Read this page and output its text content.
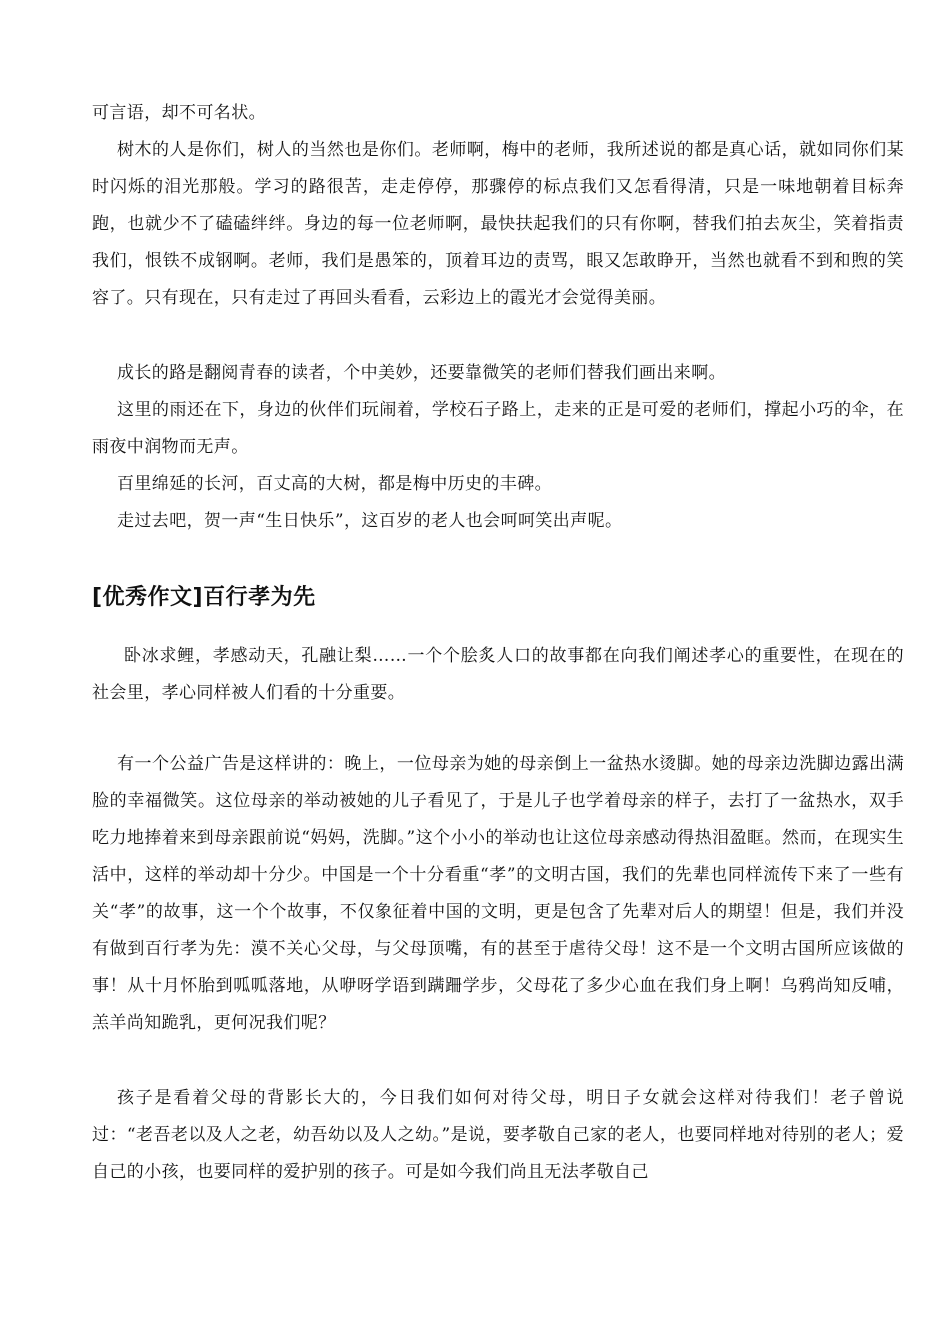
可言语，却不可名状。

树木的人是你们，树人的当然也是你们。老师啊，梅中的老师，我所述说的都是真心话，就如同你们某时闪烁的泪光那般。学习的路很苦，走走停停，那骤停的标点我们又怎看得清，只是一味地朝着目标奔跑，也就少不了磕磕绊绊。身边的每一位老师啊，最快扶起我们的只有你啊，替我们拍去灰尘，笑着指责我们，恨铁不成钢啊。老师，我们是愚笨的，顶着耳边的责骂，眼又怎敢睁开，当然也就看不到和煦的笑容了。只有现在，只有走过了再回头看看，云彩边上的霞光才会觉得美丽。

成长的路是翻阅青春的读者，个中美妙，还要靠微笑的老师们替我们画出来啊。

这里的雨还在下，身边的伙伴们玩闹着，学校石子路上，走来的正是可爱的老师们，撑起小巧的伞，在雨夜中润物而无声。

百里绵延的长河，百丈高的大树，都是梅中历史的丰碑。

走过去吧，贺一声“生日快乐”，这百岁的老人也会呵呵笑出声呢。

[优秀作文]百行孝为先

卧冰求鲤，孝感动天，孔融让梨……一个个脍炙人口的故事都在向我们阐述孝心的重要性，在现在的社会里，孝心同样被人们看的十分重要。

有一个公益广告是这样讲的：晚上，一位母亲为她的母亲倒上一盆热水烫脚。她的母亲边洗脚边露出满脸的幸福微笑。这位母亲的举动被她的儿子看见了，于是儿子也学着母亲的样子，去打了一盆热水，双手吃力地捧着来到母亲跟前说“妈妈，洗脚。”这个小小的举动也让这位母亲感动得热泪盈眶。然而，在现实生活中，这样的举动却十分少。中国是一个十分看重“孝”的文明古国，我们的先辈也同样流传下来了一些有关“孝”的故事，这一个个故事，不仅象征着中国的文明，更是包含了先辈对后人的期望！但是，我们并没有做到百行孝为先：漠不关心父母，与父母顶嘴，有的甚至于虐待父母！这不是一个文明古国所应该做的事！从十月怀胎到呱呱落地，从咿呀学语到蹒跚学步，父母花了多少心血在我们身上啊！乌鸦尚知反哺，羔羊尚知跪乳，更何况我们呢？

孩子是看着父母的背影长大的，今日我们如何对待父母，明日子女就会这样对待我们！老子曾说过：“老吾老以及人之老，幼吾幼以及人之幼。”是说，要孝敬自己家的老人，也要同样地对待别的老人；爱自己的小孩，也要同样的爱护别的孩子。可是如今我们尚且无法孝敬自己
